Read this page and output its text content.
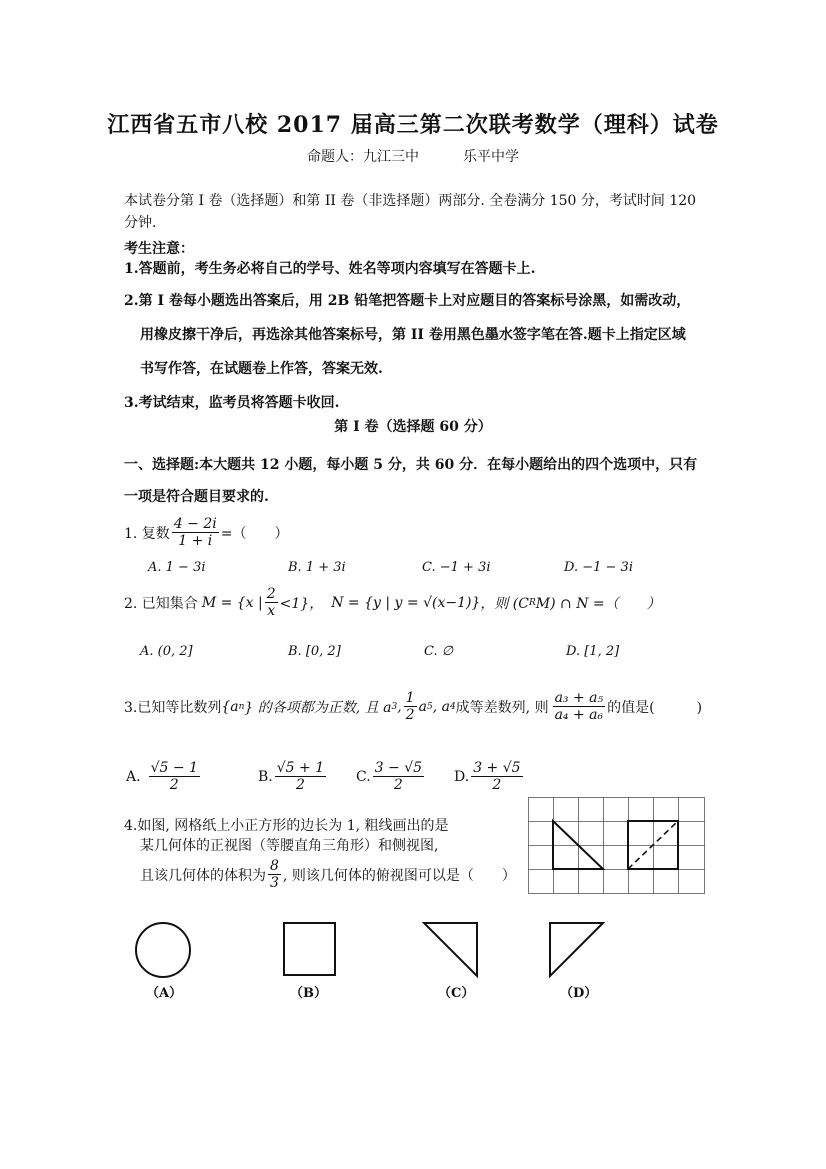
江西省五市八校 2017 届高三第二次联考数学（理科）试卷
命题人：九江三中	乐平中学
本试卷分第 I 卷（选择题）和第 II 卷（非选择题）两部分. 全卷满分 150 分，考试时间 120 分钟.
考生注意：
1.答题前，考生务必将自己的学号、姓名等项内容填写在答题卡上.
2.第 I 卷每小题选出答案后，用 2B 铅笔把答题卡上对应题目的答案标号涂黑，如需改动，
用橡皮擦干净后，再选涂其他答案标号，第 II 卷用黑色墨水签字笔在答.题卡上指定区域
书写作答，在试题卷上作答，答案无效.
3.考试结束，监考员将答题卡收回.
第 I 卷（选择题 60 分）
一、选择题:本大题共 12 小题，每小题 5 分，共 60 分．在每小题给出的四个选项中，只有
一项是符合题目要求的.
1. 复数 $\frac{4 - 2i}{1 + i}$ =（　　）
A. 1 − 3i	B. 1 + 3i	C. −1 + 3i	D. −1 − 3i
2. 已知集合 M = {x | $\frac{2}{x} <1$}， N = {y | y = √(x−1)} ，则 (C R M) ∩ N =（　　）
A. (0, 2]	B. [0, 2]	C. ∅	D. [1, 2]
3.已知等比数列 {a n } 的各项都为正数, 且 a 3 , $\frac{1}{2}$ a 5 , a 4 成等差数列, 则 $\frac{\text{a₃ + a₅}}{\text{a₄ + a₆}}$ 的值是(　　　)
A. $\frac{√5 - 1}{2}$	B. $\frac{√5 + 1}{2} C$. $\frac{3 - √5}{2} D$. $\frac{3 + √5}{2}$
4.如图, 网格纸上小正方形的边长为 1, 粗线画出的是
某几何体的正视图（等腰直角三角形）和侧视图,
且该几何体的体积为 $\frac{8}{3}$ , 则该几何体的俯视图可以是（　　）
（A）	（B）	（C）	（D）
